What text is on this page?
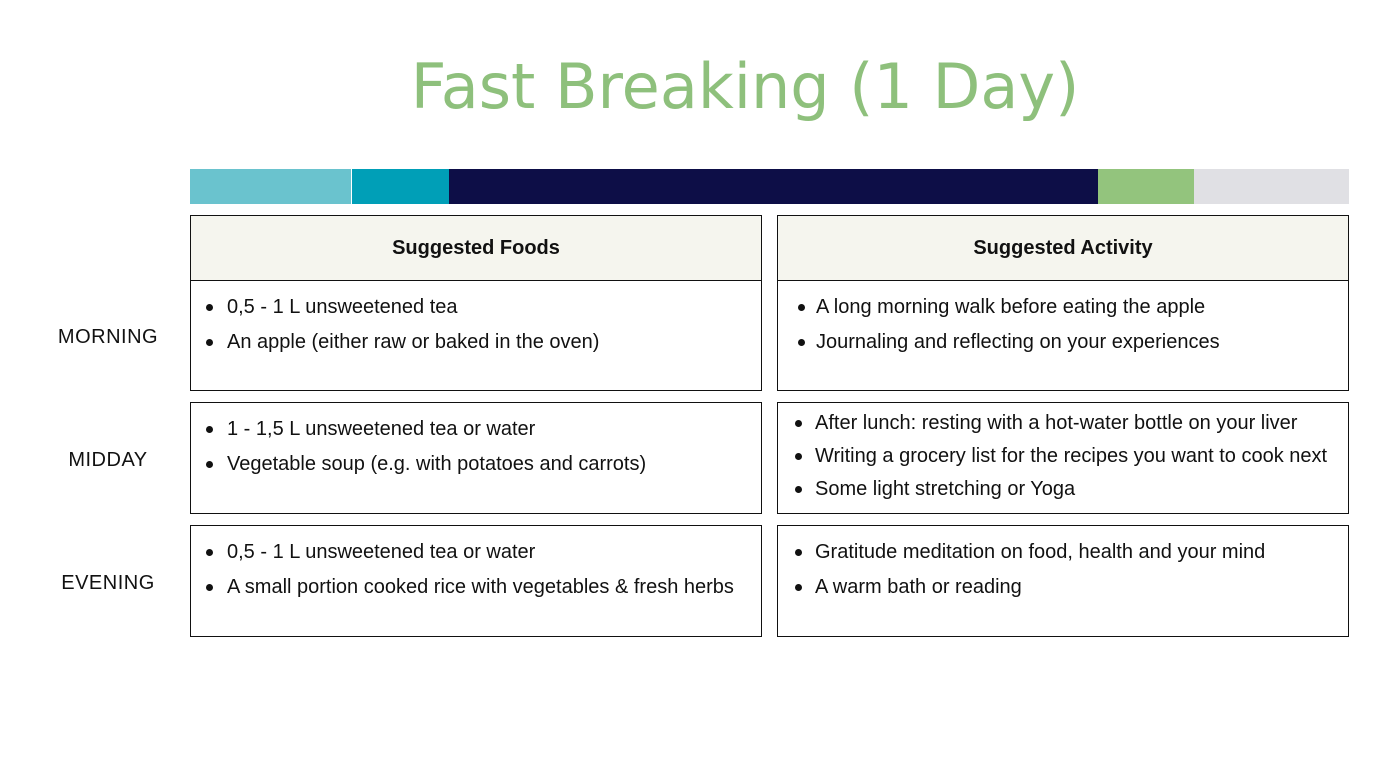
Fast Breaking (1 Day)
Suggested Foods	Suggested Activity
MORNING
0,5 - 1 L unsweetened tea
An apple (either raw or baked in the oven)
A long morning walk before eating the apple
Journaling and reflecting on your experiences
MIDDAY
1 - 1,5 L unsweetened tea or water
Vegetable soup (e.g. with potatoes and carrots)
After lunch: resting with a hot-water bottle on your liver
Writing a grocery list for the recipes you want to cook next
Some light stretching or Yoga
EVENING
0,5 - 1 L unsweetened tea or water
A small portion cooked rice with vegetables & fresh herbs
Gratitude meditation on food, health and your mind
A warm bath or reading
